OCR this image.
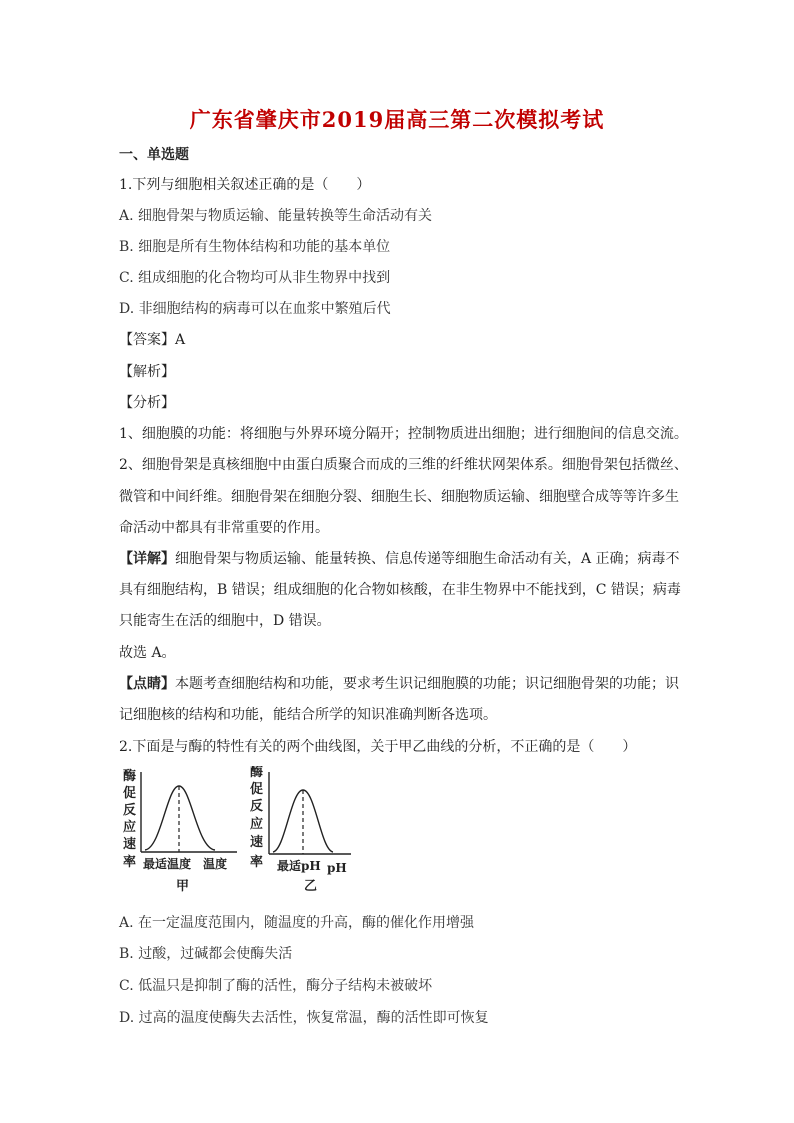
广东省肇庆市2019届高三第二次模拟考试
一、单选题
1.下列与细胞相关叙述正确的是（　　）
A. 细胞骨架与物质运输、能量转换等生命活动有关
B. 细胞是所有生物体结构和功能的基本单位
C. 组成细胞的化合物均可从非生物界中找到
D. 非细胞结构的病毒可以在血浆中繁殖后代
【答案】A
【解析】
【分析】
1、细胞膜的功能：将细胞与外界环境分隔开；控制物质进出细胞；进行细胞间的信息交流。
2、细胞骨架是真核细胞中由蛋白质聚合而成的三维的纤维状网架体系。细胞骨架包括微丝、
微管和中间纤维。细胞骨架在细胞分裂、细胞生长、细胞物质运输、细胞壁合成等等许多生
命活动中都具有非常重要的作用。
【详解】细胞骨架与物质运输、能量转换、信息传递等细胞生命活动有关，A 正确；病毒不
具有细胞结构，B 错误；组成细胞的化合物如核酸，在非生物界中不能找到，C 错误；病毒
只能寄生在活的细胞中，D 错误。
故选 A。
【点睛】本题考查细胞结构和功能，要求考生识记细胞膜的功能；识记细胞骨架的功能；识
记细胞核的结构和功能，能结合所学的知识准确判断各选项。
2.下面是与酶的特性有关的两个曲线图，关于甲乙曲线的分析，不正确的是（　　）
酶
促
反
应
速
率 最适温度 温度
甲
酶
促
反
应
速
率 最适pH pH
乙
A. 在一定温度范围内，随温度的升高，酶的催化作用增强
B. 过酸，过碱都会使酶失活
C. 低温只是抑制了酶的活性，酶分子结构未被破坏
D. 过高的温度使酶失去活性，恢复常温，酶的活性即可恢复
